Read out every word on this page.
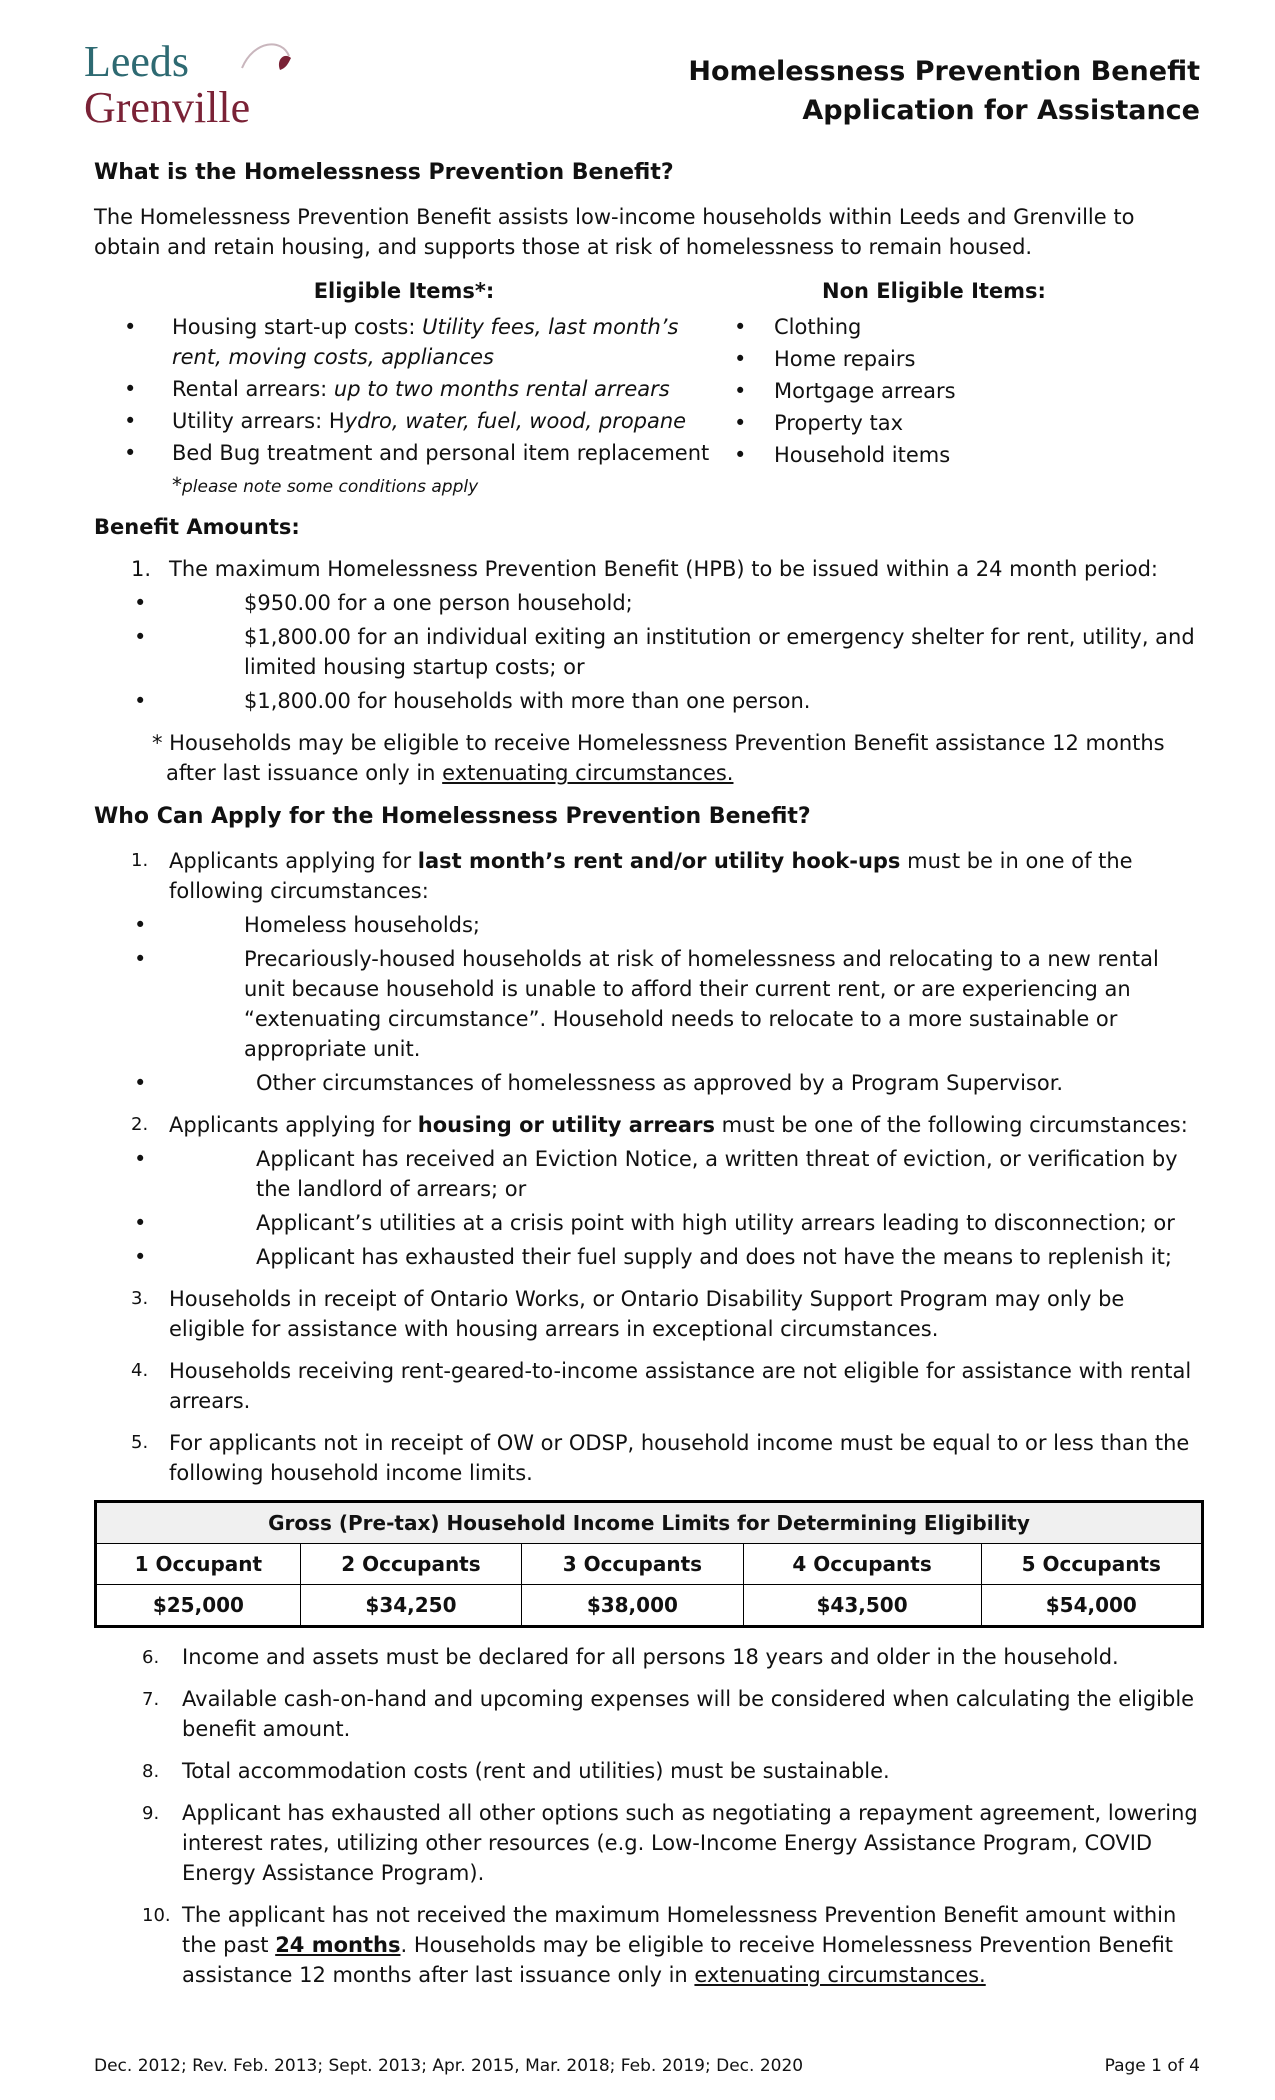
Leeds
Grenville
Homelessness Prevention Benefit
Application for Assistance

What is the Homelessness Prevention Benefit?

The Homelessness Prevention Benefit assists low-income households within Leeds and Grenville to obtain and retain housing, and supports those at risk of homelessness to remain housed.

Eligible Items*:
• Housing start-up costs: Utility fees, last month’s rent, moving costs, appliances
• Rental arrears: up to two months rental arrears
• Utility arrears: Hydro, water, fuel, wood, propane
• Bed Bug treatment and personal item replacement
*please note some conditions apply
Non Eligible Items:
• Clothing
• Home repairs
• Mortgage arrears
• Property tax
• Household items

Benefit Amounts:

1. The maximum Homelessness Prevention Benefit (HPB) to be issued within a 24 month period:
• $950.00 for a one person household;
• $1,800.00 for an individual exiting an institution or emergency shelter for rent, utility, and limited housing startup costs; or
• $1,800.00 for households with more than one person.

* Households may be eligible to receive Homelessness Prevention Benefit assistance 12 months after last issuance only in extenuating circumstances.

Who Can Apply for the Homelessness Prevention Benefit?

1. Applicants applying for last month’s rent and/or utility hook-ups must be in one of the following circumstances:
• Homeless households;
• Precariously-housed households at risk of homelessness and relocating to a new rental unit because household is unable to afford their current rent, or are experiencing an “extenuating circumstance”. Household needs to relocate to a more sustainable or appropriate unit.
• Other circumstances of homelessness as approved by a Program Supervisor.
2. Applicants applying for housing or utility arrears must be one of the following circumstances:
• Applicant has received an Eviction Notice, a written threat of eviction, or verification by the landlord of arrears; or
• Applicant’s utilities at a crisis point with high utility arrears leading to disconnection; or
• Applicant has exhausted their fuel supply and does not have the means to replenish it;
3. Households in receipt of Ontario Works, or Ontario Disability Support Program may only be eligible for assistance with housing arrears in exceptional circumstances.
4. Households receiving rent-geared-to-income assistance are not eligible for assistance with rental arrears.
5. For applicants not in receipt of OW or ODSP, household income must be equal to or less than the following household income limits.
Gross (Pre-tax) Household Income Limits for Determining Eligibility				
1 Occupant	2 Occupants	3 Occupants	4 Occupants	5 Occupants
$25,000	$34,250	$38,000	$43,500	$54,000
6. Income and assets must be declared for all persons 18 years and older in the household.
7. Available cash-on-hand and upcoming expenses will be considered when calculating the eligible benefit amount.
8. Total accommodation costs (rent and utilities) must be sustainable.
9. Applicant has exhausted all other options such as negotiating a repayment agreement, lowering interest rates, utilizing other resources (e.g. Low-Income Energy Assistance Program, COVID Energy Assistance Program).
10. The applicant has not received the maximum Homelessness Prevention Benefit amount within the past 24 months. Households may be eligible to receive Homelessness Prevention Benefit assistance 12 months after last issuance only in extenuating circumstances.
Dec. 2012; Rev. Feb. 2013; Sept. 2013; Apr. 2015, Mar. 2018; Feb. 2019; Dec. 2020	Page 1 of 4
